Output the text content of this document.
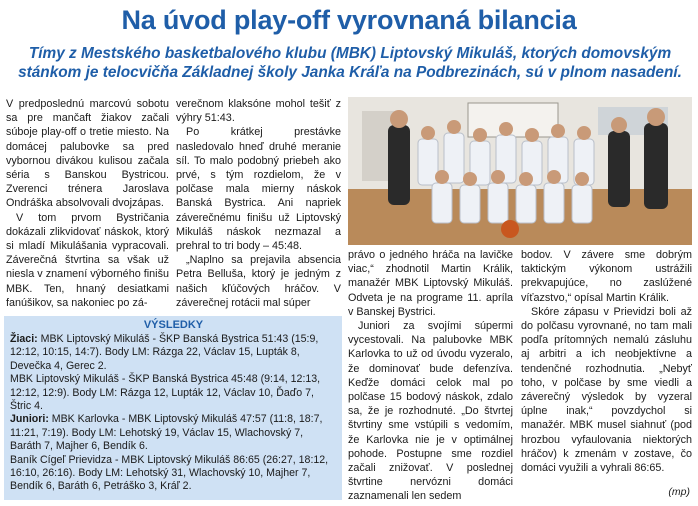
Na úvod play-off vyrovnaná bilancia

Tímy z Mestského basketbalového klubu (MBK) Liptovský Mikuláš, ktorých domovským

stánkom je telocvičňa Základnej školy Janka Kráľa na Podbrezinách, sú v plnom nasadení.

V predposlednú marcovú sobotu sa pre mančaft žiakov začali súboje play-off o tretie miesto. Na domácej palubovke sa pred vybornou divákou kulisou začala séria s Banskou Bystricou. Zverenci trénera Jaroslava Ondráška absolvovali dvojzápas.

V tom prvom Bystričania dokázali zlikvidovať náskok, ktorý si mladí Mikulášania vypracovali. Záverečná štvrtina sa však už niesla v znamení výborného finišu MBK. Ten, hnaný desiatkami fanúšikov, sa nakoniec po zá-

verečnom klaksóne mohol tešiť z výhry 51:43.

Po krátkej prestávke nasledovalo hneď druhé meranie síl. To malo podobný priebeh ako prvé, s tým rozdielom, že v polčase mala mierny náskok Banská Bystrica. Ani napriek záverečnému finišu už Liptovský Mikuláš náskok nezmazal a prehral to tri body – 45:48.

„Naplno sa prejavila absencia Petra Belluša, ktorý je jedným z našich kľúčových hráčov. V záverečnej rotácii mal súper

právo o jedného hráča na lavičke viac,“ zhodnotil Martin Králik, manažér MBK Liptovský Mikuláš. Odveta je na programe 11. apríla v Banskej Bystrici.

Juniori za svojími súpermi vycestovali. Na palubovke MBK Karlovka to už od úvodu vyzeralo, že dominovať bude defenzíva. Keďže domáci celok mal po polčase 15 bodový náskok, zdalo sa, že je rozhodnuté. „Do štvrtej štvrtiny sme vstúpili s vedomím, že Karlovka nie je v optimálnej pohode. Postupne sme rozdiel začali znižovať. V poslednej štvrtine nervózni domáci zaznamenali len sedem

bodov. V závere sme dobrým taktickým výkonom ustrážili prekvapujúce, no zaslúžené víťazstvo,“ opísal Martin Králik.

Skóre zápasu v Prievidzi boli až do polčasu vyrovnané, no tam mali podľa prítomných nemalú zásluhu aj arbitri a ich neobjektívne a tendenčné rozhodnutia. „Nebyť toho, v polčase by sme viedli a záverečný výsledok by vyzeral úplne inak,“ povzdychol si manažér. MBK musel siahnuť (pod hrozbou vyfaulovania niektorých hráčov) k zmenám v zostave, čo domáci využili a vyhrali 86:65.

VÝSLEDKY

Žiaci: MBK Liptovský Mikuláš - ŠKP Banská Bystrica 51:43 (15:9, 12:12, 10:15, 14:7). Body LM: Rázga 22, Václav 15, Lupták 8, Devečka 4, Gerec 2.

MBK Liptovský Mikuláš - ŠKP Banská Bystrica 45:48 (9:14, 12:13, 12:12, 12:9). Body LM: Rázga 12, Lupták 12, Václav 10, Ďaďo 7, Štric 4.

Juniori: MBK Karlovka - MBK Liptovský Mikuláš 47:57 (11:8, 18:7, 11:21, 7:19). Body LM: Lehotský 19, Václav 15, Wlachovský 7, Baráth 7, Majher 6, Bendík 6.

Baník Cígeľ Prievidza - MBK Liptovský Mikuláš 86:65 (26:27, 18:12, 16:10, 26:16). Body LM: Lehotský 31, Wlachovský 10, Majher 7, Bendík 6, Baráth 6, Petráško 3, Kráľ 2.	(mp)
